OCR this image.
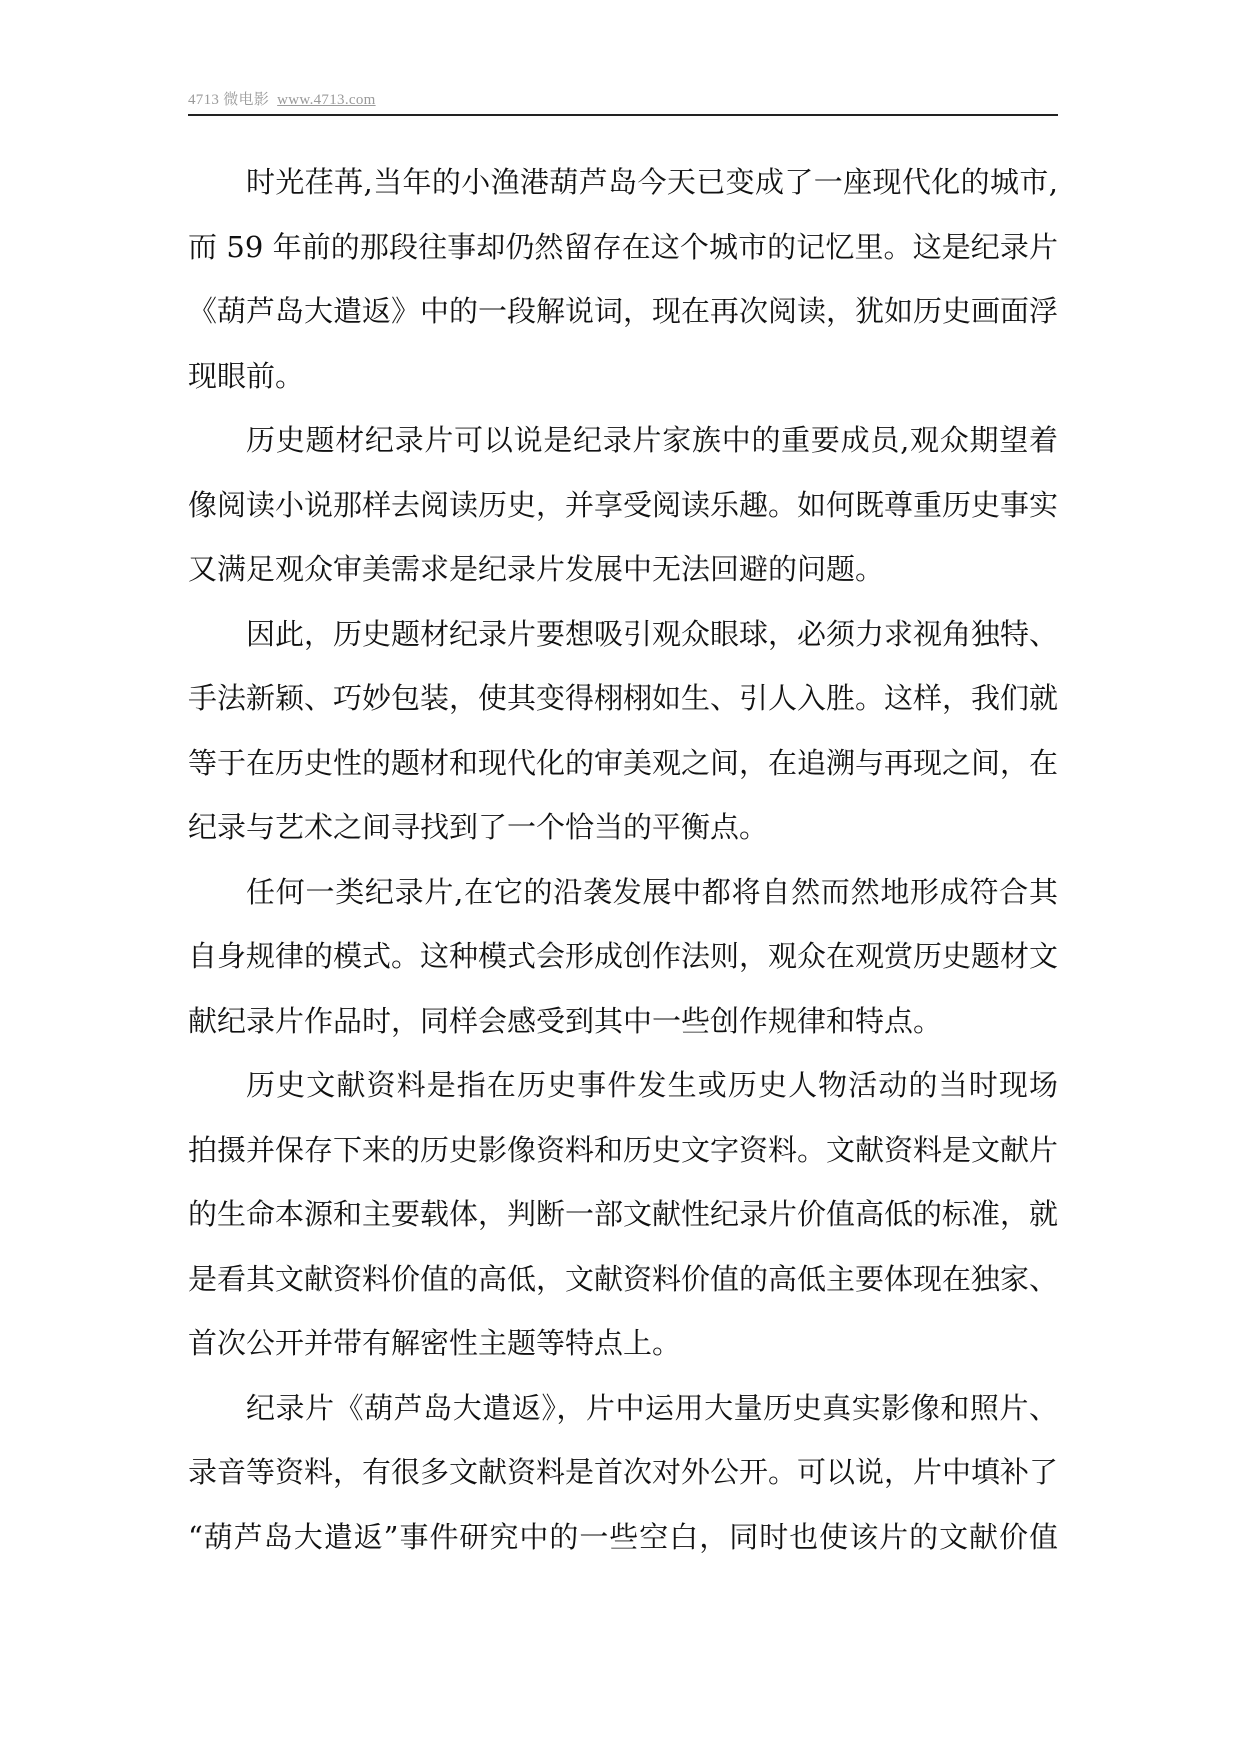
4713 微电影 www.4713.com
时光荏苒,当年的小渔港葫芦岛今天已变成了一座现代化的城市,
而 59 年前的那段往事却仍然留存在这个城市的记忆里。这是纪录片
《葫芦岛大遣返》中的一段解说词，现在再次阅读，犹如历史画面浮
现眼前。
历史题材纪录片可以说是纪录片家族中的重要成员,观众期望着
像阅读小说那样去阅读历史，并享受阅读乐趣。如何既尊重历史事实
又满足观众审美需求是纪录片发展中无法回避的问题。
因此，历史题材纪录片要想吸引观众眼球，必须力求视角独特、
手法新颖、巧妙包装，使其变得栩栩如生、引人入胜。这样，我们就
等于在历史性的题材和现代化的审美观之间，在追溯与再现之间，在
纪录与艺术之间寻找到了一个恰当的平衡点。
任何一类纪录片,在它的沿袭发展中都将自然而然地形成符合其
自身规律的模式。这种模式会形成创作法则，观众在观赏历史题材文
献纪录片作品时，同样会感受到其中一些创作规律和特点。
历史文献资料是指在历史事件发生或历史人物活动的当时现场
拍摄并保存下来的历史影像资料和历史文字资料。文献资料是文献片
的生命本源和主要载体，判断一部文献性纪录片价值高低的标准，就
是看其文献资料价值的高低，文献资料价值的高低主要体现在独家、
首次公开并带有解密性主题等特点上。
纪录片《葫芦岛大遣返》，片中运用大量历史真实影像和照片、
录音等资料，有很多文献资料是首次对外公开。可以说，片中填补了
“葫芦岛大遣返”事件研究中的一些空白，同时也使该片的文献价值
